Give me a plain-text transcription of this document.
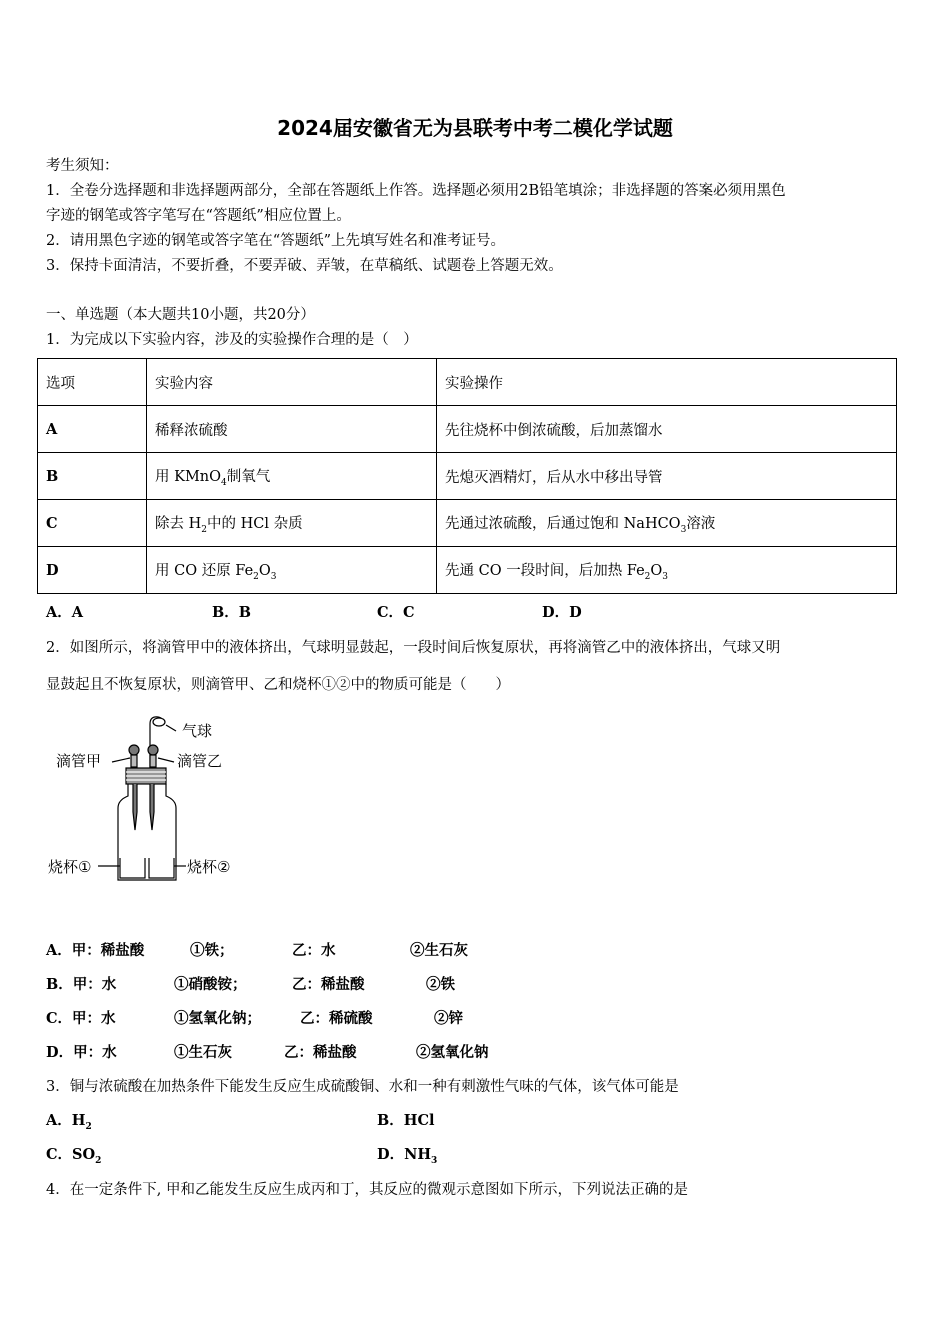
2024届安徽省无为县联考中考二模化学试题
考生须知：
1．全卷分选择题和非选择题两部分，全部在答题纸上作答。选择题必须用2B铅笔填涂；非选择题的答案必须用黑色
字迹的钢笔或答字笔写在“答题纸”相应位置上。
2．请用黑色字迹的钢笔或答字笔在“答题纸”上先填写姓名和准考证号。
3．保持卡面清洁，不要折叠，不要弄破、弄皱，在草稿纸、试题卷上答题无效。
一、单选题（本大题共10小题，共20分）
1．为完成以下实验内容，涉及的实验操作合理的是（　）
选项	实验内容	实验操作
A	稀释浓硫酸	先往烧杯中倒浓硫酸，后加蒸馏水
B	用 KMnO$_4$制氧气	先熄灭酒精灯，后从水中移出导管
C	除去 $H_2$中的 HCl 杂质	先通过浓硫酸，后通过饱和 NaHCO$_3$溶液
D	用 CO 还原 $Fe_2O_3$	先通 CO 一段时间，后加热 $Fe_2O_3$
A．A	B．B	C．C	D．D
2．如图所示，将滴管甲中的液体挤出，气球明显鼓起，一段时间后恢复原状，再将滴管乙中的液体挤出，气球又明
显鼓起且不恢复原状，则滴管甲、乙和烧杯①②中的物质可能是（　　）
气球
滴管甲	滴管乙
烧杯①	烧杯②
A．甲：稀盐酸	①铁；	乙：水	②生石灰
B．甲：水	①硝酸铵；	乙：稀盐酸	②铁
C．甲：水	①氢氧化钠；	乙：稀硫酸	②锌
D．甲：水	①生石灰	乙：稀盐酸	②氢氧化钠
3．铜与浓硫酸在加热条件下能发生反应生成硫酸铜、水和一种有刺激性气味的气体，该气体可能是
A．$H_2$	B．HCl
C．$SO_2$	D．$NH_3$
4．在一定条件下, 甲和乙能发生反应生成丙和丁，其反应的微观示意图如下所示，下列说法正确的是
